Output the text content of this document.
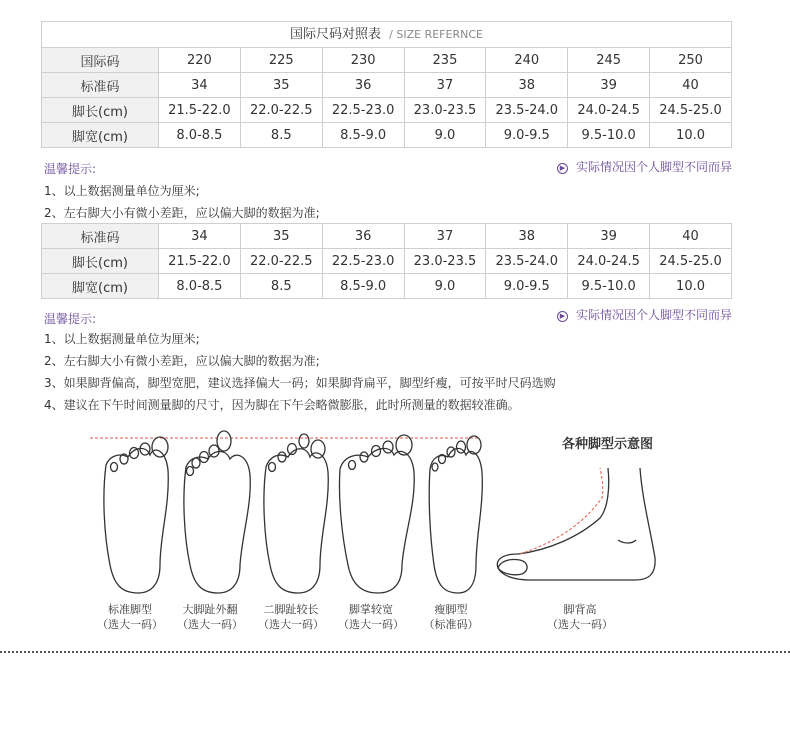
国际尺码对照表 / SIZE REFERNCE
国际码	220	225	230	235	240	245	250
标准码	34	35	36	37	38	39	40
脚长(cm)	21.5-22.0	22.0-22.5	22.5-23.0	23.0-23.5	23.5-24.0	24.0-24.5	24.5-25.0
脚宽(cm)	8.0-8.5	8.5	8.5-9.0	9.0	9.0-9.5	9.5-10.0	10.0
温馨提示:	▶ 实际情况因个人脚型不同而异
1、以上数据测量单位为厘米;
2、左右脚大小有微小差距，应以偏大脚的数据为准;
标准码	34	35	36	37	38	39	40
脚长(cm)	21.5-22.0	22.0-22.5	22.5-23.0	23.0-23.5	23.5-24.0	24.0-24.5	24.5-25.0
脚宽(cm)	8.0-8.5	8.5	8.5-9.0	9.0	9.0-9.5	9.5-10.0	10.0
温馨提示:	▶ 实际情况因个人脚型不同而异
1、以上数据测量单位为厘米;
2、左右脚大小有微小差距，应以偏大脚的数据为准;
3、如果脚背偏高，脚型宽肥，建议选择偏大一码；如果脚背扁平，脚型纤瘦，可按平时尺码选购
4、建议在下午时间测量脚的尺寸，因为脚在下午会略微膨胀，此时所测量的数据较准确。
标准脚型
（选大一码）
大脚趾外翻
（选大一码）
二脚趾较长
（选大一码）
脚掌较宽
（选大一码）
瘦脚型
（标准码）
各种脚型示意图
脚背高
（选大一码）
